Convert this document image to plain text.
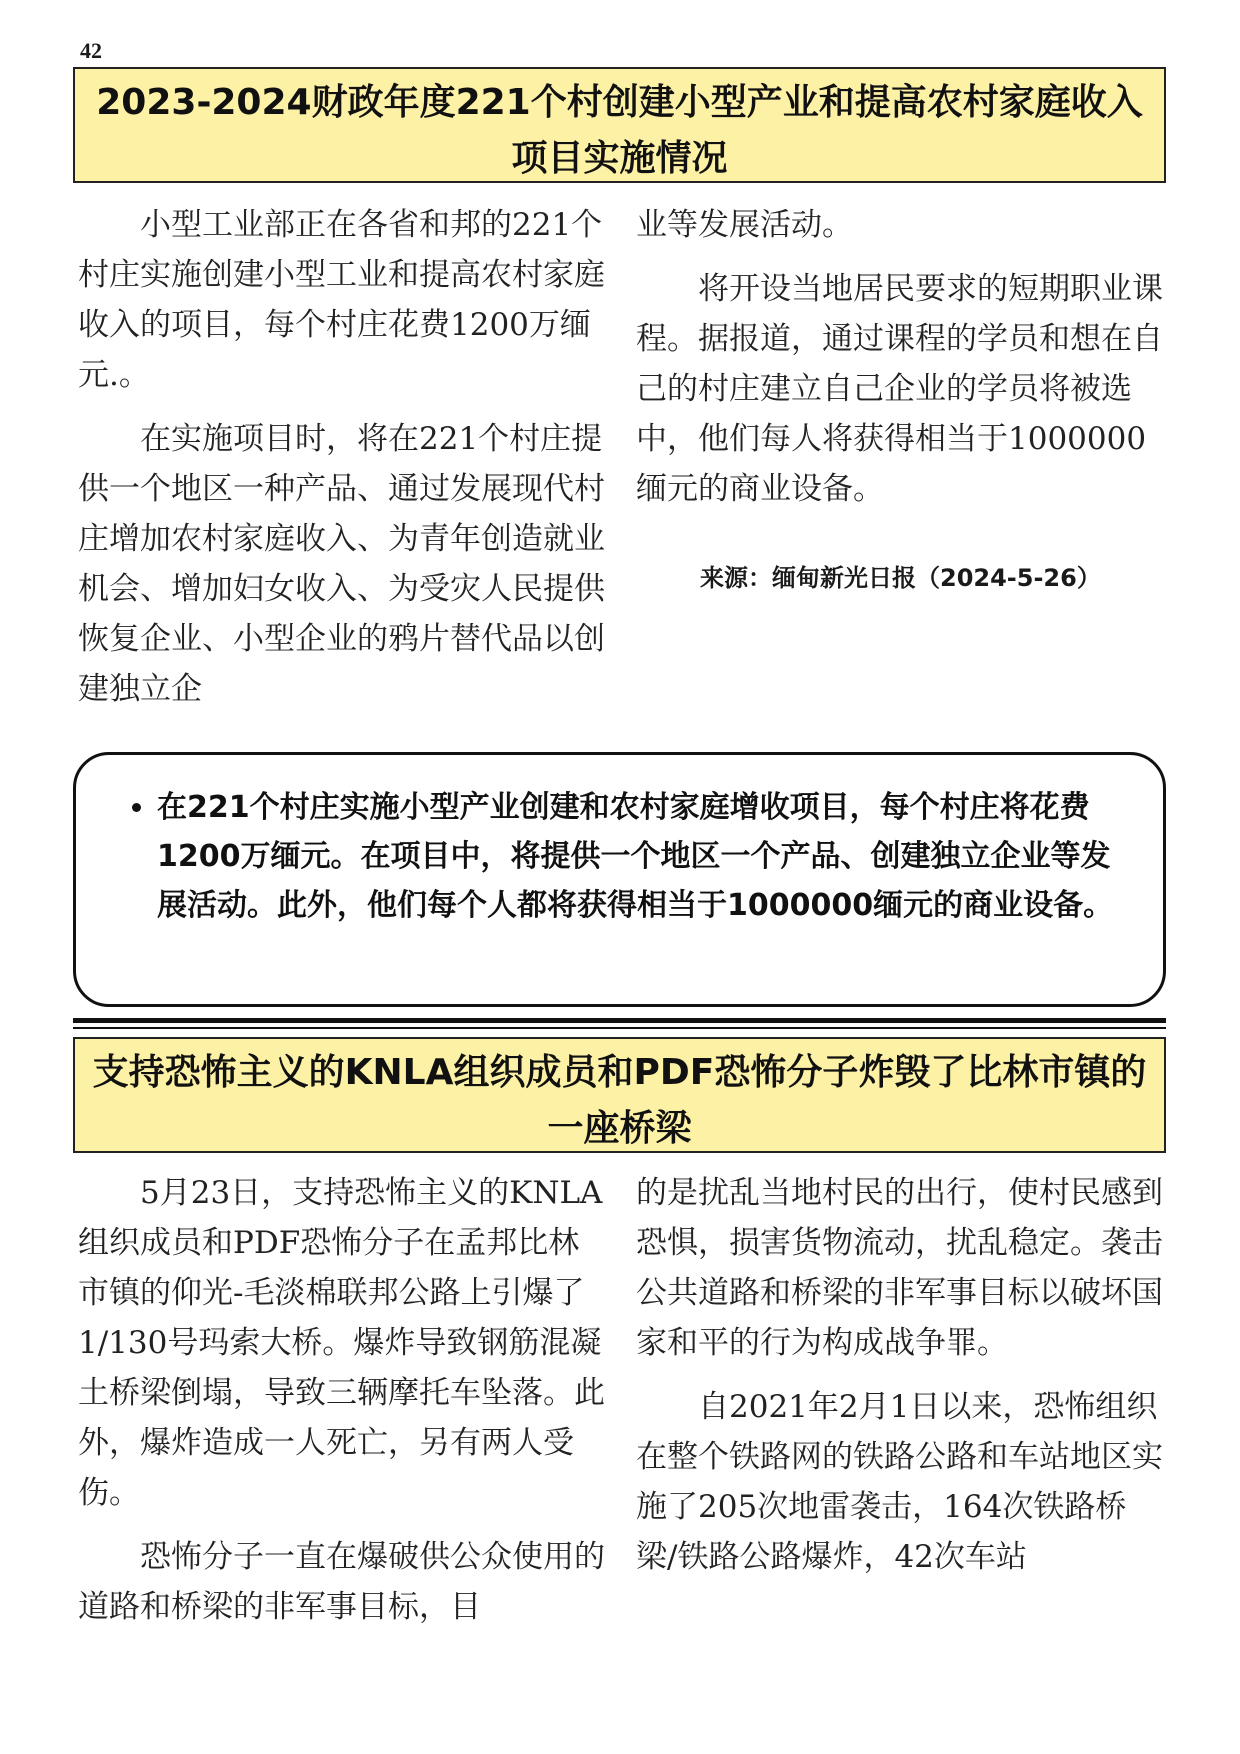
42
2023-2024财政年度221个村创建小型产业和提高农村家庭收入项目实施情况

小型工业部正在各省和邦的221个村庄实施创建小型工业和提高农村家庭收入的项目，每个村庄花费1200万缅元.。

在实施项目时，将在221个村庄提供一个地区一种产品、通过发展现代村庄增加农村家庭收入、为青年创造就业机会、增加妇女收入、为受灾人民提供恢复企业、小型企业的鸦片替代品以创建独立企

业等发展活动。

将开设当地居民要求的短期职业课程。据报道，通过课程的学员和想在自己的村庄建立自己企业的学员将被选中，他们每人将获得相当于1000000缅元的商业设备。

来源：缅甸新光日报（2024-5-26）
• 在221个村庄实施小型产业创建和农村家庭增收项目，每个村庄将花费1200万缅元。在项目中，将提供一个地区一个产品、创建独立企业等发展活动。此外，他们每个人都将获得相当于1000000缅元的商业设备。
支持恐怖主义的KNLA组织成员和PDF恐怖分子炸毁了比林市镇的一座桥梁

5月23日，支持恐怖主义的KNLA组织成员和PDF恐怖分子在孟邦比林市镇的仰光-毛淡棉联邦公路上引爆了1/130号玛索大桥。爆炸导致钢筋混凝土桥梁倒塌，导致三辆摩托车坠落。此外，爆炸造成一人死亡，另有两人受伤。

恐怖分子一直在爆破供公众使用的道路和桥梁的非军事目标，目

的是扰乱当地村民的出行，使村民感到恐惧，损害货物流动，扰乱稳定。袭击公共道路和桥梁的非军事目标以破坏国家和平的行为构成战争罪。

自2021年2月1日以来，恐怖组织在整个铁路网的铁路公路和车站地区实施了205次地雷袭击，164次铁路桥梁/铁路公路爆炸，42次车站
